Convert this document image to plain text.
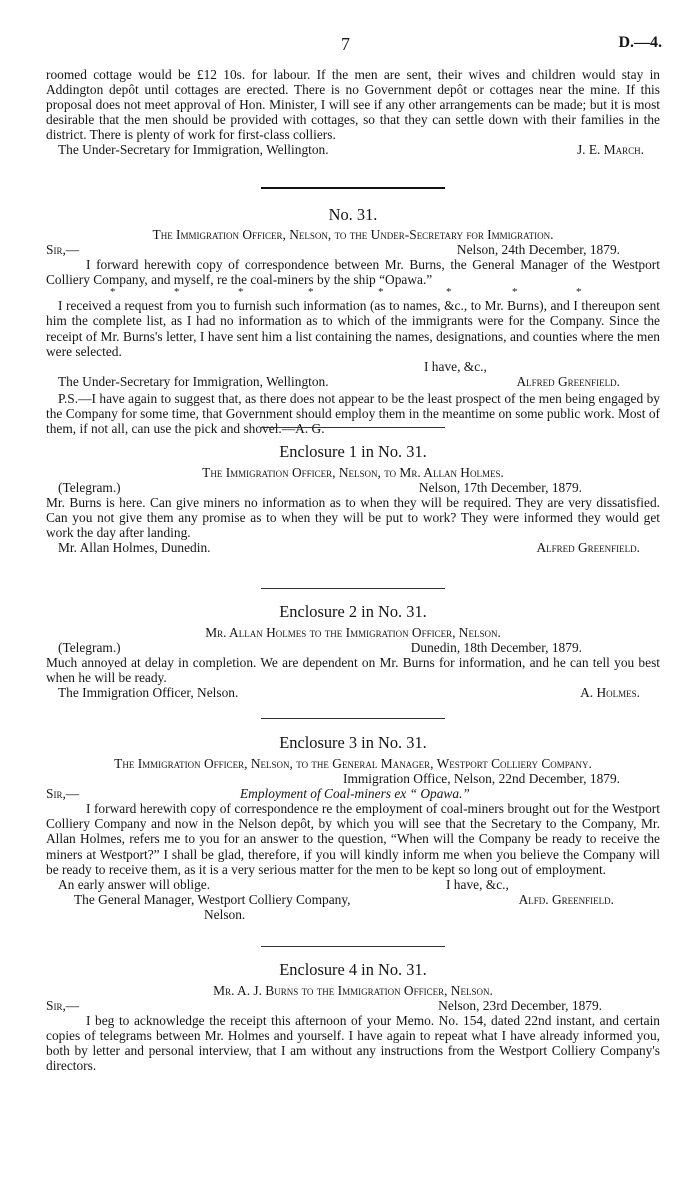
7	D.—4.

roomed cottage would be £12 10s. for labour. If the men are sent, their wives and children would stay in Addington depôt until cottages are erected. There is no Government depôt or cottages near the mine. If this proposal does not meet approval of Hon. Minister, I will see if any other arrangements can be made; but it is most desirable that the men should be provided with cottages, so that they can settle down with their families in the district. There is plenty of work for first-class colliers.

The Under-Secretary for Immigration, Wellington.	J. E. March.
No. 31.
The Immigration Officer, Nelson, to the Under-Secretary for Immigration.
Sir,—	Nelson, 24th December, 1879.

I forward herewith copy of correspondence between Mr. Burns, the General Manager of the Westport Colliery Company, and myself, re the coal-miners by the ship “Opawa.”

*	*	*	*	*	*	*	*

I received a request from you to furnish such information (as to names, &c., to Mr. Burns), and I thereupon sent him the complete list, as I had no information as to which of the immigrants were for the Company. Since the receipt of Mr. Burns's letter, I have sent him a list containing the names, designations, and counties where the men were selected.

I have, &c.,
The Under-Secretary for Immigration, Wellington.	Alfred Greenfield.

P.S.—I have again to suggest that, as there does not appear to be the least prospect of the men being engaged by the Company for some time, that Government should employ them in the meantime on some public work. Most of them, if not all, can use the pick and shovel.—A. G.

Enclosure 1 in No. 31.
The Immigration Officer, Nelson, to Mr. Allan Holmes.
(Telegram.)	Nelson, 17th December, 1879.

Mr. Burns is here. Can give miners no information as to when they will be required. They are very dissatisfied. Can you not give them any promise as to when they will be put to work? They were informed they would get work the day after landing.

Mr. Allan Holmes, Dunedin.	Alfred Greenfield.
Enclosure 2 in No. 31.
Mr. Allan Holmes to the Immigration Officer, Nelson.
(Telegram.)	Dunedin, 18th December, 1879.

Much annoyed at delay in completion. We are dependent on Mr. Burns for information, and he can tell you best when he will be ready.

The Immigration Officer, Nelson.	A. Holmes.
Enclosure 3 in No. 31.
The Immigration Officer, Nelson, to the General Manager, Westport Colliery Company.
Immigration Office, Nelson, 22nd December, 1879.
Sir,—	Employment of Coal-miners ex “ Opawa.”

I forward herewith copy of correspondence re the employment of coal-miners brought out for the Westport Colliery Company and now in the Nelson depôt, by which you will see that the Secretary to the Company, Mr. Allan Holmes, refers me to you for an answer to the question, “When will the Company be ready to receive the miners at Westport?” I shall be glad, therefore, if you will kindly inform me when you believe the Company will be ready to receive them, as it is a very serious matter for the men to be kept so long out of employment.

An early answer will oblige.	I have, &c.,
The General Manager, Westport Colliery Company,	Alfd. Greenfield.
Nelson.
Enclosure 4 in No. 31.
Mr. A. J. Burns to the Immigration Officer, Nelson.
Sir,—	Nelson, 23rd December, 1879.

I beg to acknowledge the receipt this afternoon of your Memo. No. 154, dated 22nd instant, and certain copies of telegrams between Mr. Holmes and yourself. I have again to repeat what I have already informed you, both by letter and personal interview, that I am without any instructions from the Westport Colliery Company's directors.
